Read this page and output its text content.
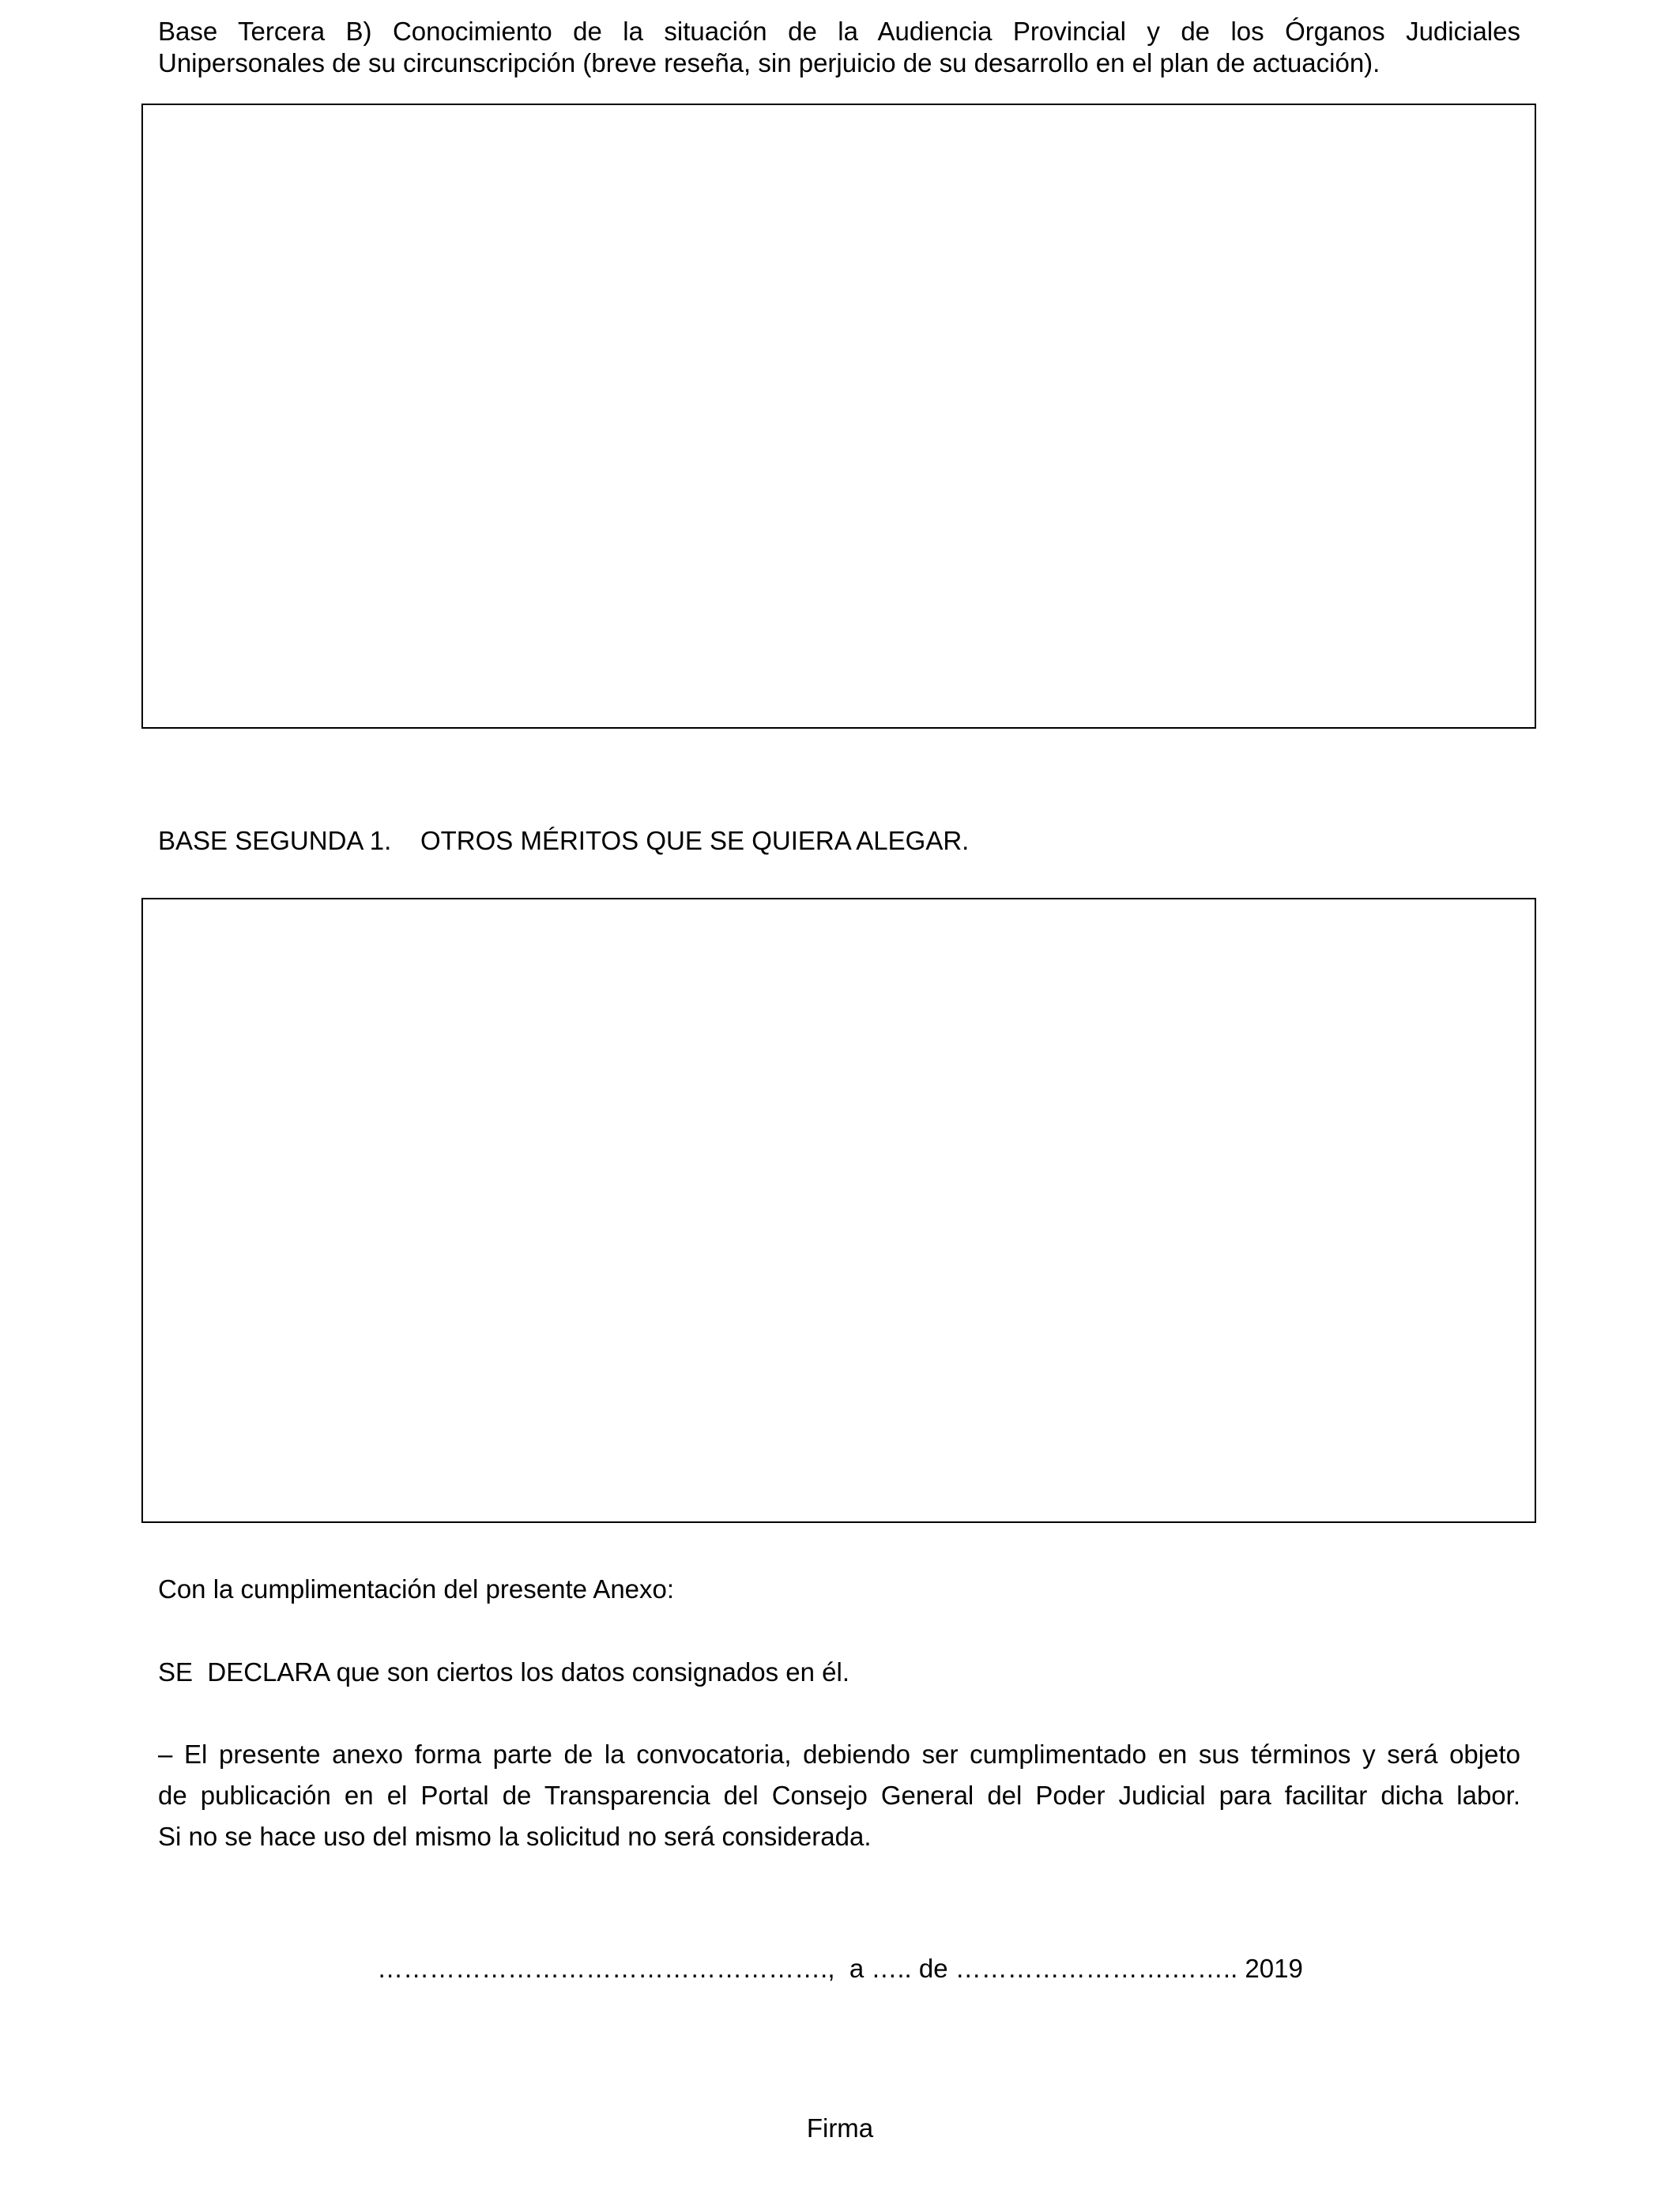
Base Tercera B) Conocimiento de la situación de la Audiencia Provincial y de los Órganos Judiciales
Unipersonales de su circunscripción (breve reseña, sin perjuicio de su desarrollo en el plan de actuación).
BASE SEGUNDA 1.    OTROS MÉRITOS QUE SE QUIERA ALEGAR.
Con la cumplimentación del presente Anexo:
SE  DECLARA que son ciertos los datos consignados en él.
– El presente anexo forma parte de la convocatoria, debiendo ser cumplimentado en sus términos y será objeto
de publicación en el Portal de Transparencia del Consejo General del Poder Judicial para facilitar dicha labor.
Si no se hace uso del mismo la solicitud no será considerada.
…………………………………………….,  a ….. de …………………….…….. 2019
Firma
